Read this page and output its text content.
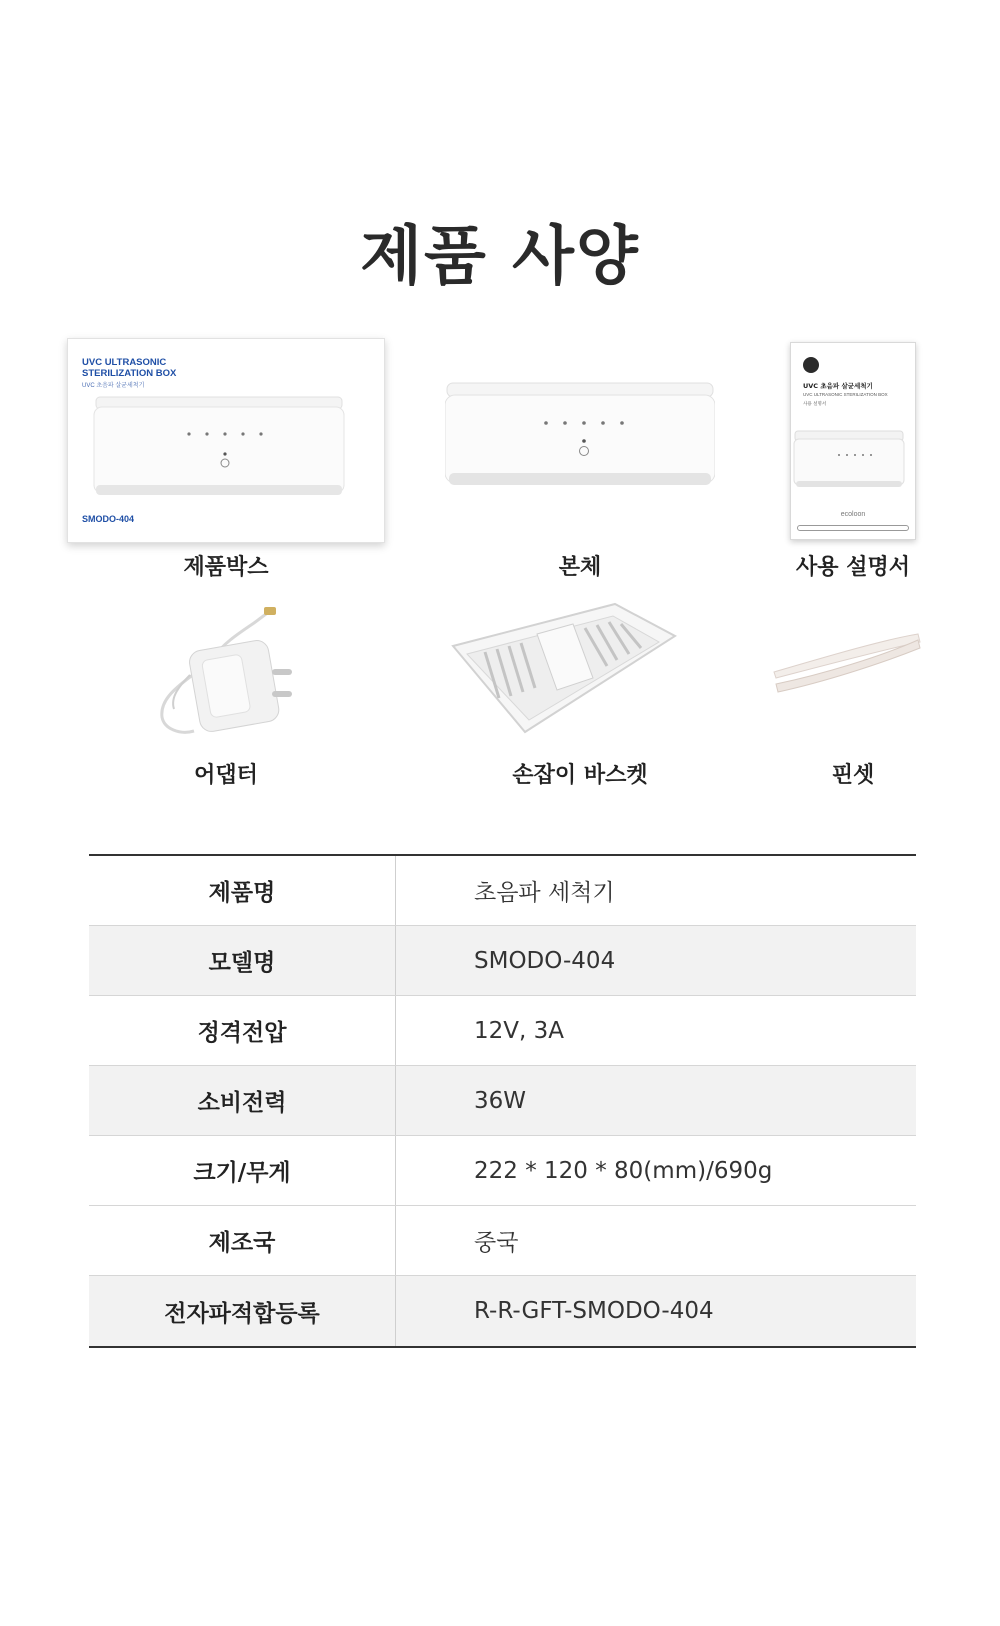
제품 사양
UVC ULTRASONIC STERILIZATION BOX
UVC 초음파 살균세척기
SMODO-404
제품박스	본체
UVC 초음파 살균세척기
UVC ULTRASONIC STERILIZATION BOX
사용 설명서
ecoloon
사용 설명서
어댑터	손잡이 바스켓	핀셋
제품명	초음파 세척기
모델명	SMODO-404
정격전압	12V, 3A
소비전력	36W
크기/무게	222 * 120 * 80(mm)/690g
제조국	중국
전자파적합등록	R-R-GFT-SMODO-404
